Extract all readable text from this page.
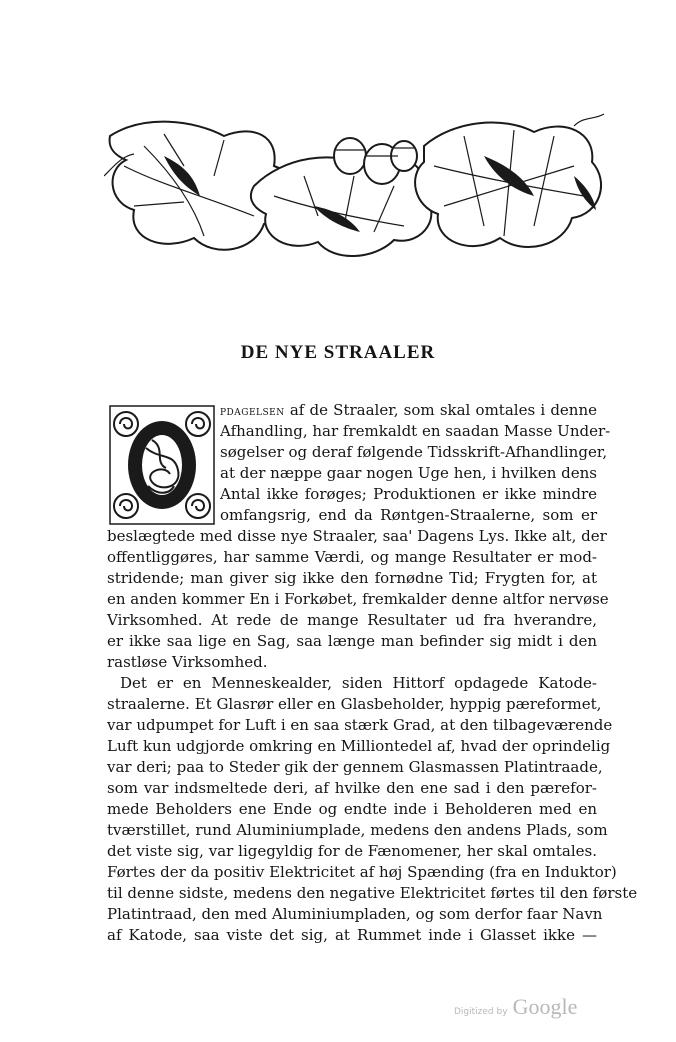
DE NYE STRAALER
O
pdagelsen af de Straaler, som skal omtales i denne
Afhandling, har fremkaldt en saadan Masse Under-
søgelser og deraf følgende Tidsskrift-Afhandlinger,
at der næppe gaar nogen Uge hen, i hvilken dens
Antal ikke forøges; Produktionen er ikke mindre
omfangsrig, end da Røntgen-Straalerne, som er
beslægtede med disse nye Straaler, saa' Dagens Lys. Ikke alt, der
offentliggøres, har samme Værdi, og mange Resultater er mod-
stridende; man giver sig ikke den fornødne Tid; Frygten for, at
en anden kommer En i Forkøbet, fremkalder denne altfor nervøse
Virksomhed. At rede de mange Resultater ud fra hverandre,
er ikke saa lige en Sag, saa længe man befinder sig midt i den
rastløse Virksomhed.
Det er en Menneskealder, siden Hittorf opdagede Katode-
straalerne. Et Glasrør eller en Glasbeholder, hyppig pæreformet,
var udpumpet for Luft i en saa stærk Grad, at den tilbageværende
Luft kun udgjorde omkring en Milliontedel af, hvad der oprindelig
var deri; paa to Steder gik der gennem Glasmassen Platintraade,
som var indsmeltede deri, af hvilke den ene sad i den pærefor-
mede Beholders ene Ende og endte inde i Beholderen med en
tværstillet, rund Aluminiumplade, medens den andens Plads, som
det viste sig, var ligegyldig for de Fænomener, her skal omtales.
Førtes der da positiv Elektricitet af høj Spænding (fra en Induktor)
til denne sidste, medens den negative Elektricitet førtes til den første
Platintraad, den med Aluminiumpladen, og som derfor faar Navn
af Katode, saa viste det sig, at Rummet inde i Glasset ikke —
Digitized by Google
